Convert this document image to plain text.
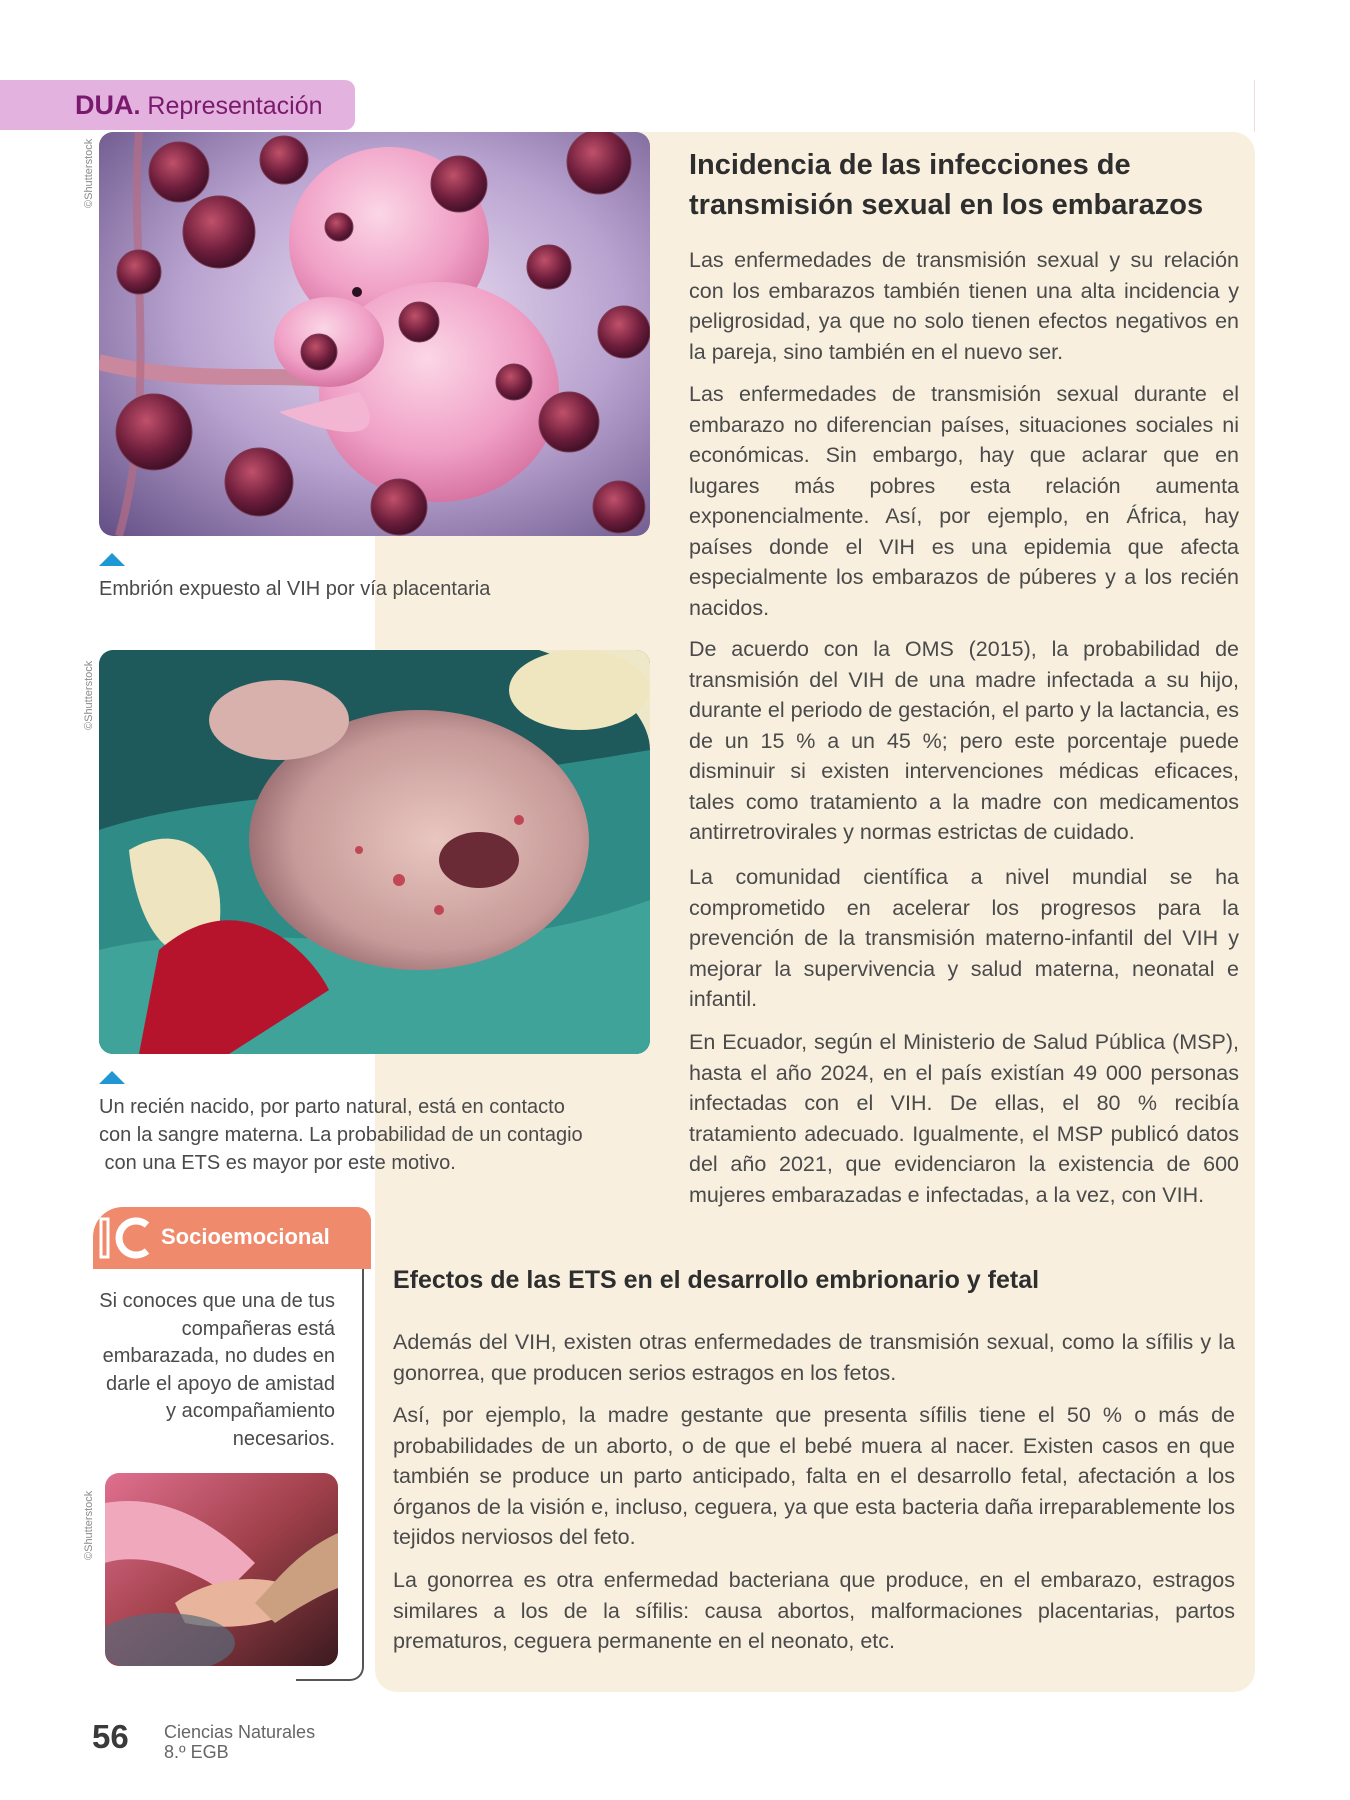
DUA. Representación
©Shutterstock
Embrión expuesto al VIH por vía placentaria
©Shutterstock
Un recién nacido, por parto natural, está en contacto
con la sangre materna. La probabilidad de un contagio
con una ETS es mayor por este motivo.
Incidencia de las infecciones de
transmisión sexual en los embarazos
Las enfermedades de transmisión sexual y su relación con los embarazos también tienen una alta incidencia y peligrosidad, ya que no solo tienen efectos negativos en la pareja, sino también en el nuevo ser.
Las enfermedades de transmisión sexual durante el embarazo no diferencian países, situaciones sociales ni económicas. Sin embargo, hay que aclarar que en lugares más pobres esta relación aumenta exponencialmente. Así, por ejemplo, en África, hay países donde el VIH es una epidemia que afecta especialmente los embarazos de púberes y a los recién nacidos.
De acuerdo con la OMS (2015), la probabilidad de transmisión del VIH de una madre infectada a su hijo, durante el periodo de gestación, el parto y la lactancia, es de un 15 % a un 45 %; pero este porcentaje puede disminuir si existen intervenciones médicas eficaces, tales como tratamiento a la madre con medicamentos antirretrovirales y normas estrictas de cuidado.
La comunidad científica a nivel mundial se ha comprometido en acelerar los progresos para la prevención de la transmisión materno-infantil del VIH y mejorar la supervivencia y salud materna, neonatal e infantil.
En Ecuador, según el Ministerio de Salud Pública (MSP), hasta el año 2024, en el país existían 49 000 personas infectadas con el VIH. De ellas, el 80 % recibía tratamiento adecuado. Igualmente, el MSP publicó datos del año 2021, que evidenciaron la existencia de 600 mujeres embarazadas e infectadas, a la vez, con VIH.
Efectos de las ETS en el desarrollo embrionario y fetal
Además del VIH, existen otras enfermedades de transmisión sexual, como la sífilis y la gonorrea, que producen serios estragos en los fetos.
Así, por ejemplo, la madre gestante que presenta sífilis tiene el 50 % o más de probabilidades de un aborto, o de que el bebé muera al nacer. Existen casos en que también se produce un parto anticipado, falta en el desarrollo fetal, afectación a los órganos de la visión e, incluso, ceguera, ya que esta bacteria daña irreparablemente los tejidos nerviosos del feto.
La gonorrea es otra enfermedad bacteriana que produce, en el embarazo, estragos similares a los de la sífilis: causa abortos, malformaciones placentarias, partos prematuros, ceguera permanente en el neonato, etc.
Socioemocional
Si conoces que una de tus
compañeras está
embarazada, no dudes en
darle el apoyo de amistad
y acompañamiento
necesarios.
©Shutterstock
56 Ciencias Naturales
8.º EGB
